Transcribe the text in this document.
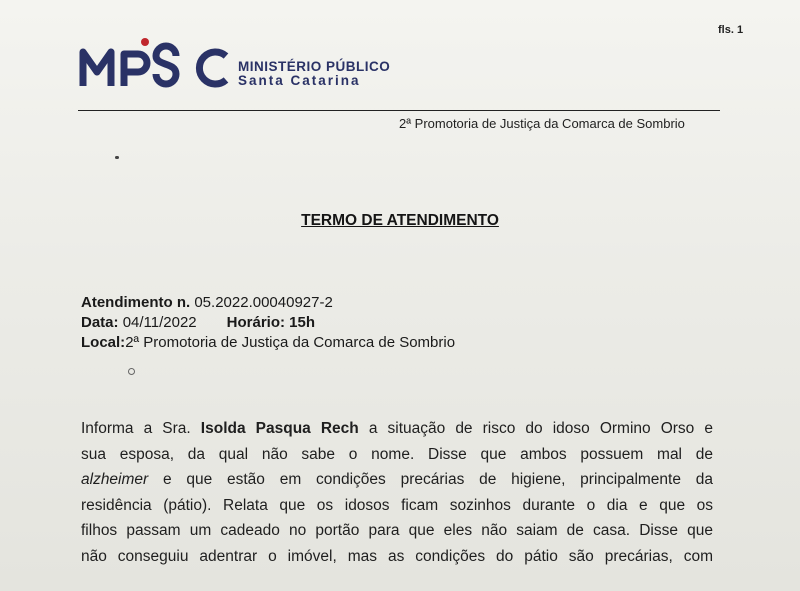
fls. 1
MINISTÉRIO PÚBLICO
Santa Catarina
2ª Promotoria de Justiça da Comarca de Sombrio
TERMO DE ATENDIMENTO
Atendimento n. 05.2022.00040927-2
Data: 04/11/2022 Horário: 15h
Local:2ª Promotoria de Justiça da Comarca de Sombrio
Informa a Sra. Isolda Pasqua Rech a situação de risco do idoso Ormino Orso e
sua esposa, da qual não sabe o nome. Disse que ambos possuem mal de
alzheimer e que estão em condições precárias de higiene, principalmente da
residência (pátio). Relata que os idosos ficam sozinhos durante o dia e que os
filhos passam um cadeado no portão para que eles não saiam de casa. Disse que
não conseguiu adentrar o imóvel, mas as condições do pátio são precárias, com
